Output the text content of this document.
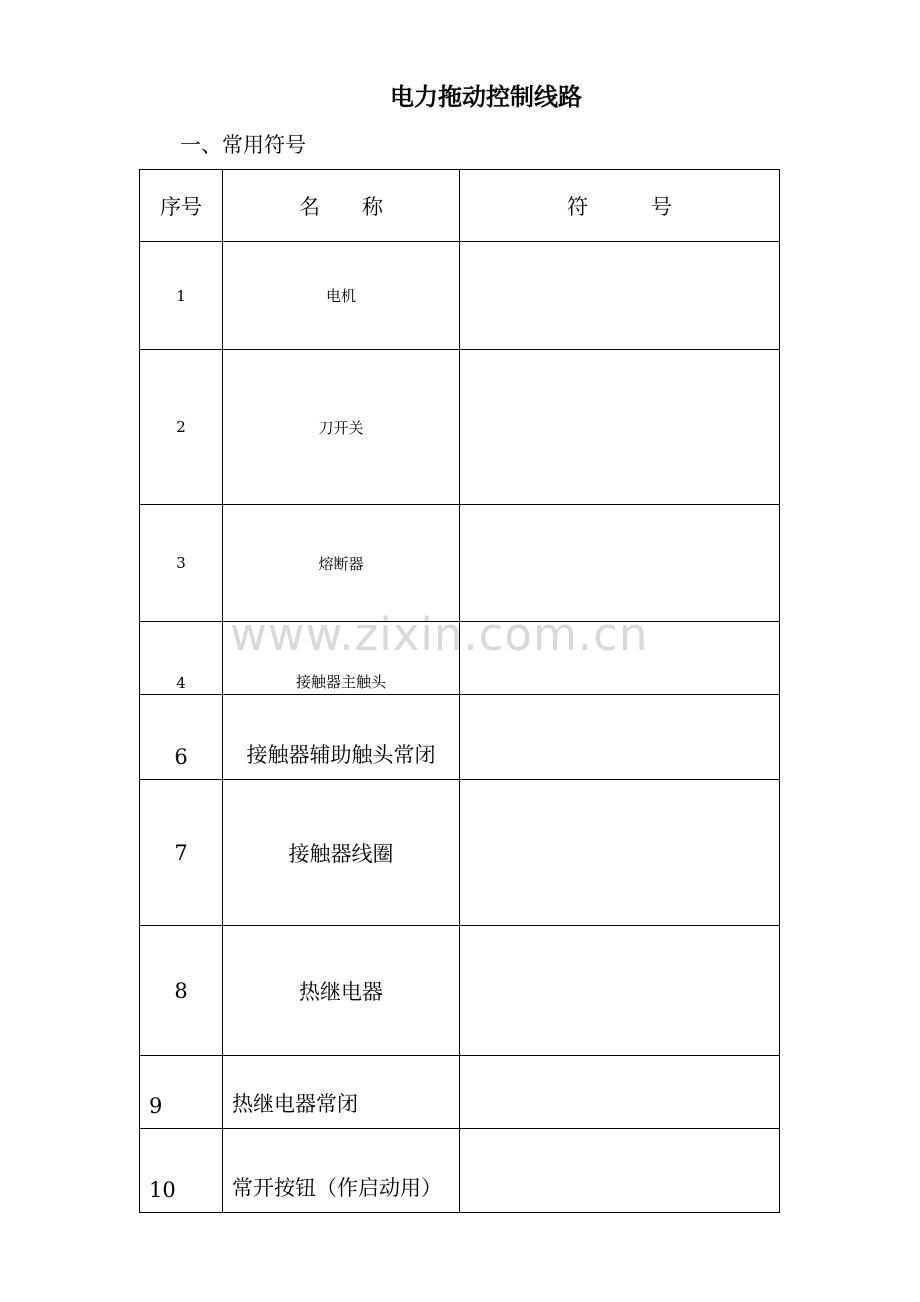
电力拖动控制线路
一、常用符号
www.zixin.com.cn
序号	名　　称	符　　　号
1	电机	
2	刀开关	
3	熔断器	
4	接触器主触头	
6	接触器辅助触头常闭	
7	接触器线圈	
8	热继电器	
9	热继电器常闭	
10	常开按钮（作启动用）	
